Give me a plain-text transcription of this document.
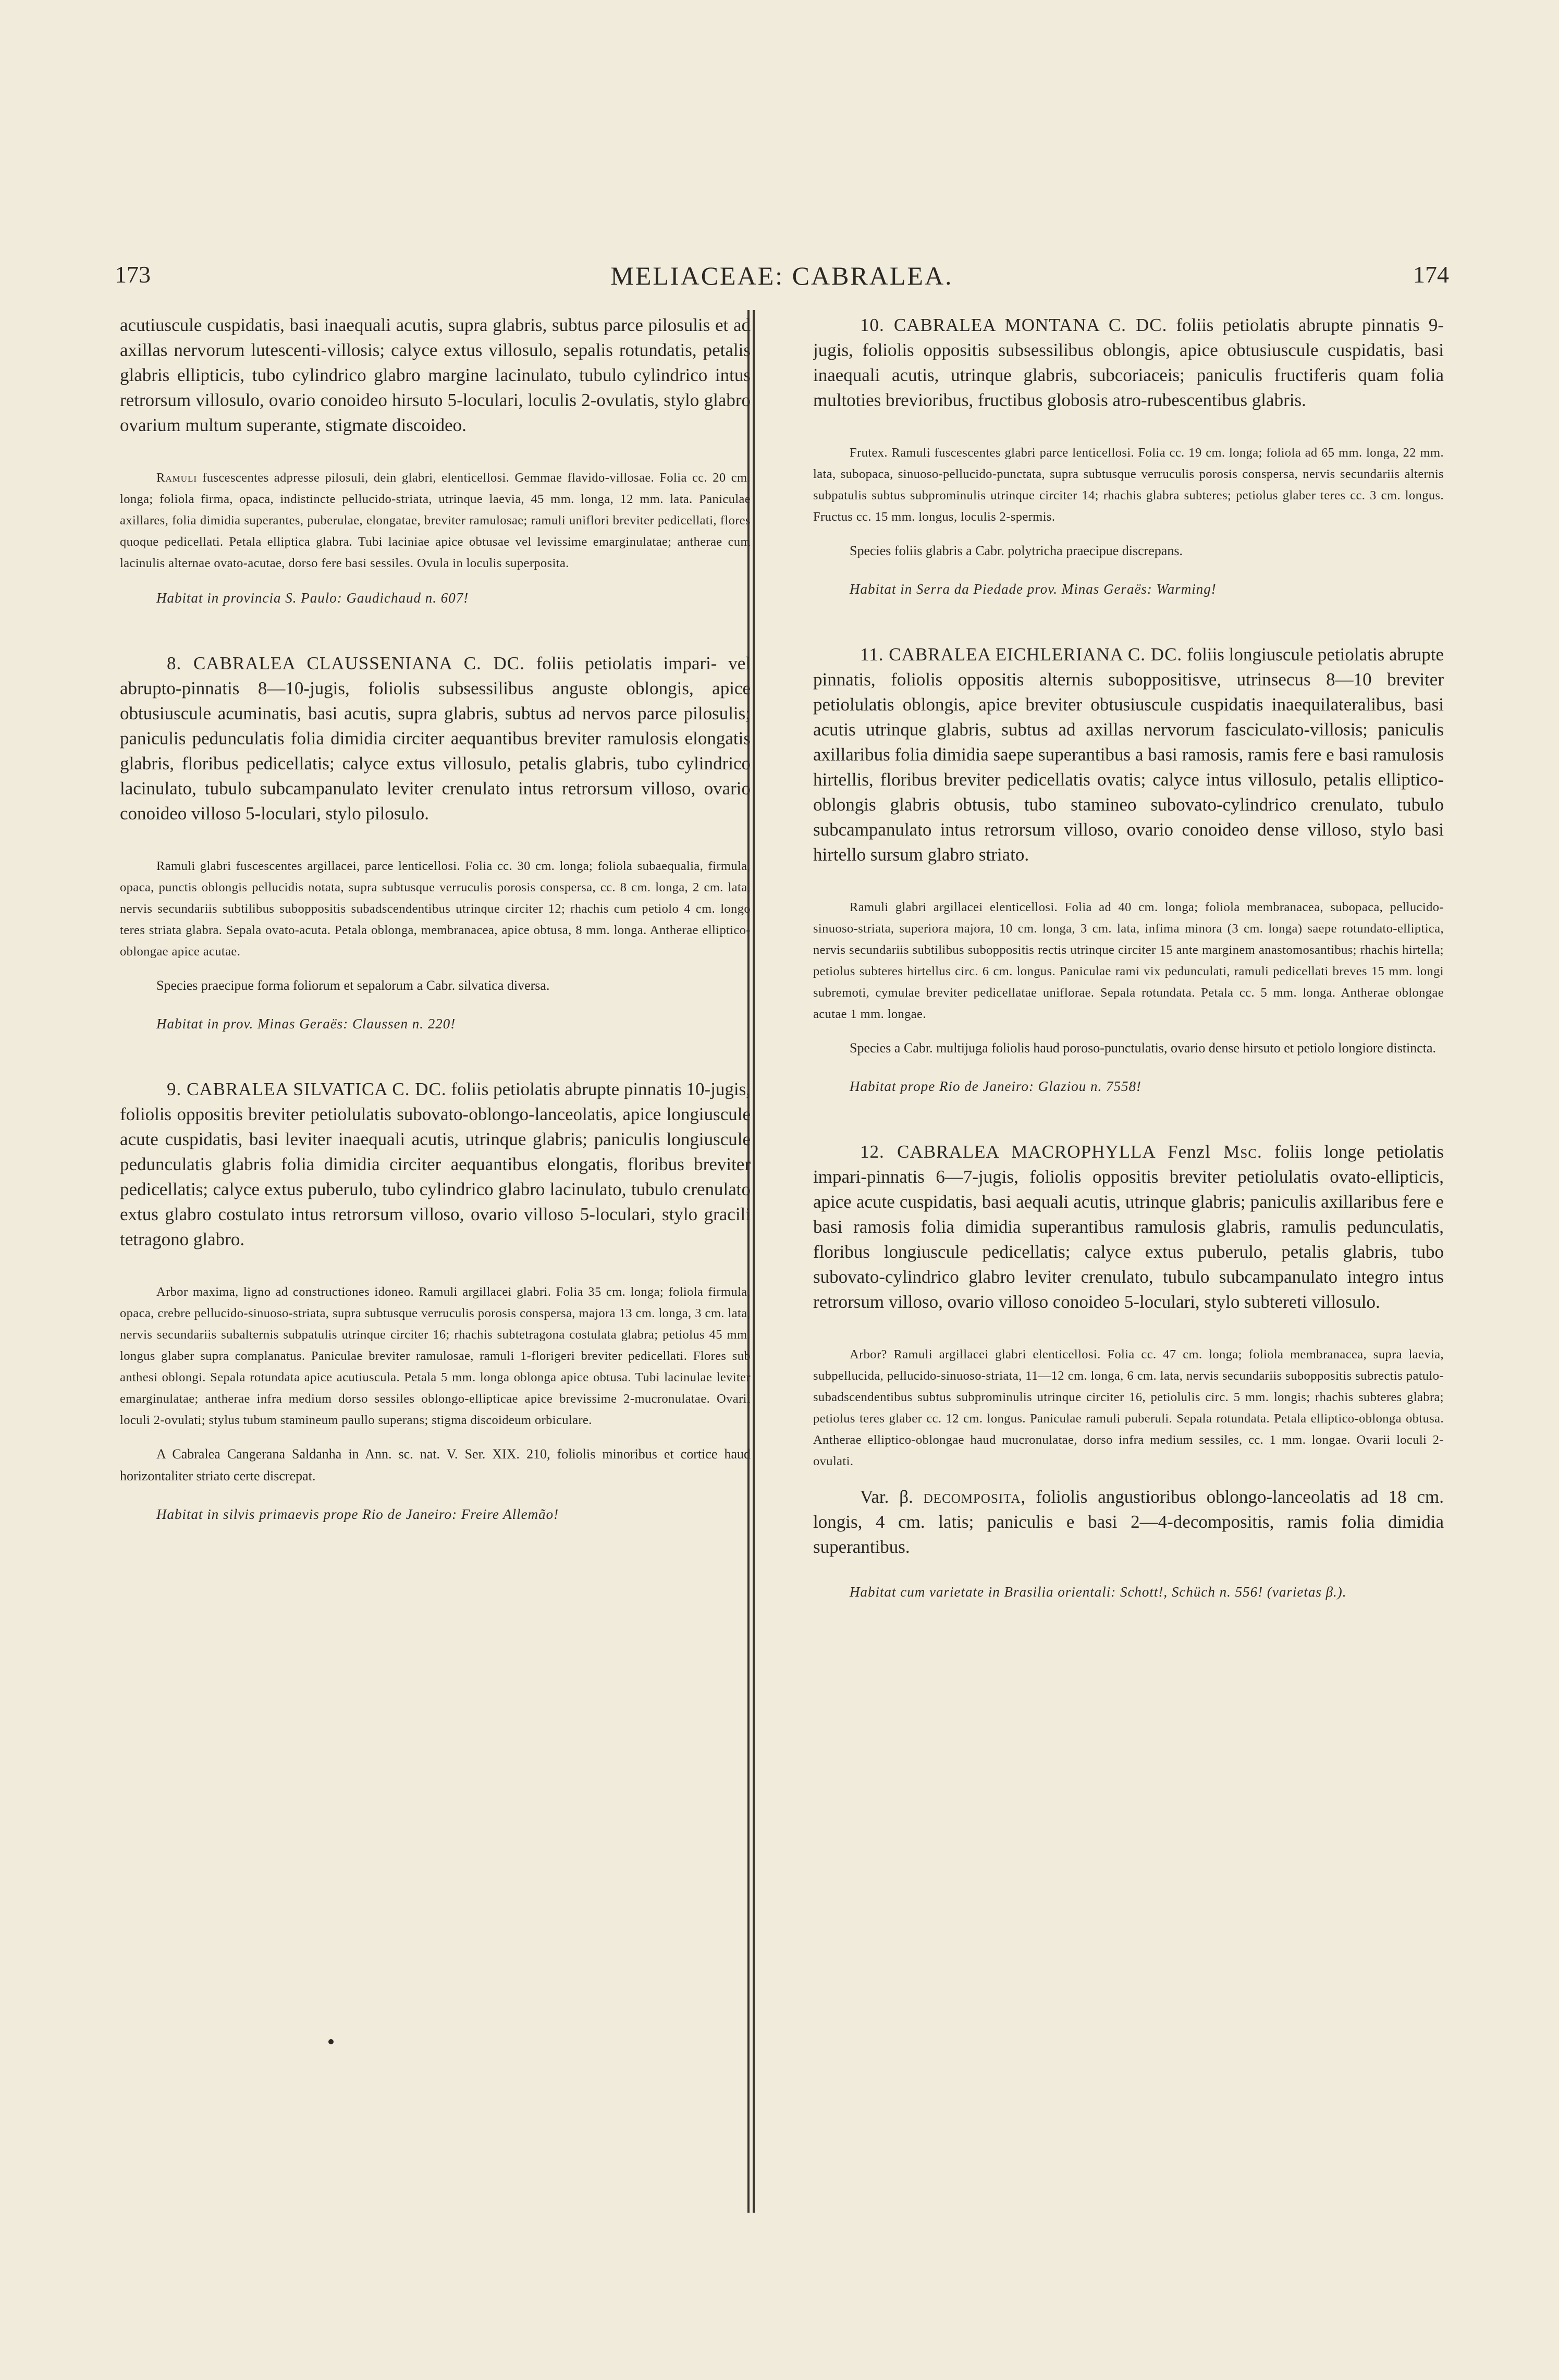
173	MELIACEAE: CABRALEA.	174

acutiuscule cuspidatis, basi inaequali acutis, supra glabris, subtus parce pilosulis et ad axillas nervorum lutescenti-villosis; calyce extus villosulo, sepalis rotundatis, petalis glabris ellipticis, tubo cylindrico glabro margine lacinulato, tubulo cylindrico intus retrorsum villosulo, ovario conoideo hirsuto 5-loculari, loculis 2-ovulatis, stylo glabro ovarium multum superante, stigmate discoideo.

Ramuli fuscescentes adpresse pilosuli, dein glabri, elenticellosi. Gemmae flavido-villosae. Folia cc. 20 cm. longa; foliola firma, opaca, indistincte pellucido-striata, utrinque laevia, 45 mm. longa, 12 mm. lata. Paniculae axillares, folia dimidia superantes, puberulae, elongatae, breviter ramulosae; ramuli uniflori breviter pedicellati, flores quoque pedicellati. Petala elliptica glabra. Tubi laciniae apice obtusae vel levissime emarginulatae; antherae cum lacinulis alternae ovato-acutae, dorso fere basi sessiles. Ovula in loculis superposita.

Habitat in provincia S. Paulo: Gaudichaud n. 607!

8. CABRALEA CLAUSSENIANA C. DC. foliis petiolatis impari- vel abrupto-pinnatis 8—10-jugis, foliolis subsessilibus anguste oblongis, apice obtusiuscule acuminatis, basi acutis, supra glabris, subtus ad nervos parce pilosulis; paniculis pedunculatis folia dimidia circiter aequantibus breviter ramulosis elongatis glabris, floribus pedicellatis; calyce extus villosulo, petalis glabris, tubo cylindrico lacinulato, tubulo subcampanulato leviter crenulato intus retrorsum villoso, ovario conoideo villoso 5-loculari, stylo pilosulo.

Ramuli glabri fuscescentes argillacei, parce lenticellosi. Folia cc. 30 cm. longa; foliola subaequalia, firmula, opaca, punctis oblongis pellucidis notata, supra subtusque verruculis porosis conspersa, cc. 8 cm. longa, 2 cm. lata, nervis secundariis subtilibus suboppositis subadscendentibus utrinque circiter 12; rhachis cum petiolo 4 cm. longo teres striata glabra. Sepala ovato-acuta. Petala oblonga, membranacea, apice obtusa, 8 mm. longa. Antherae elliptico-oblongae apice acutae.

Species praecipue forma foliorum et sepalorum a Cabr. silvatica diversa.

Habitat in prov. Minas Geraës: Claussen n. 220!

9. CABRALEA SILVATICA C. DC. foliis petiolatis abrupte pinnatis 10-jugis, foliolis oppositis breviter petiolulatis subovato-oblongo-lanceolatis, apice longiuscule acute cuspidatis, basi leviter inaequali acutis, utrinque glabris; paniculis longiuscule pedunculatis glabris folia dimidia circiter aequantibus elongatis, floribus breviter pedicellatis; calyce extus puberulo, tubo cylindrico glabro lacinulato, tubulo crenulato extus glabro costulato intus retrorsum villoso, ovario villoso 5-loculari, stylo gracili tetragono glabro.

Arbor maxima, ligno ad constructiones idoneo. Ramuli argillacei glabri. Folia 35 cm. longa; foliola firmula, opaca, crebre pellucido-sinuoso-striata, supra subtusque verruculis porosis conspersa, majora 13 cm. longa, 3 cm. lata, nervis secundariis subalternis subpatulis utrinque circiter 16; rhachis subtetragona costulata glabra; petiolus 45 mm. longus glaber supra complanatus. Paniculae breviter ramulosae, ramuli 1-florigeri breviter pedicellati. Flores sub anthesi oblongi. Sepala rotundata apice acutiuscula. Petala 5 mm. longa oblonga apice obtusa. Tubi lacinulae leviter emarginulatae; antherae infra medium dorso sessiles oblongo-ellipticae apice brevissime 2-mucronulatae. Ovarii loculi 2-ovulati; stylus tubum stamineum paullo superans; stigma discoideum orbiculare.

A Cabralea Cangerana Saldanha in Ann. sc. nat. V. Ser. XIX. 210, foliolis minoribus et cortice haud horizontaliter striato certe discrepat.

Habitat in silvis primaevis prope Rio de Janeiro: Freire Allemão!

10. CABRALEA MONTANA C. DC. foliis petiolatis abrupte pinnatis 9-jugis, foliolis oppositis subsessilibus oblongis, apice obtusiuscule cuspidatis, basi inaequali acutis, utrinque glabris, subcoriaceis; paniculis fructiferis quam folia multoties brevioribus, fructibus globosis atro-rubescentibus glabris.

Frutex. Ramuli fuscescentes glabri parce lenticellosi. Folia cc. 19 cm. longa; foliola ad 65 mm. longa, 22 mm. lata, subopaca, sinuoso-pellucido-punctata, supra subtusque verruculis porosis conspersa, nervis secundariis alternis subpatulis subtus subprominulis utrinque circiter 14; rhachis glabra subteres; petiolus glaber teres cc. 3 cm. longus. Fructus cc. 15 mm. longus, loculis 2-spermis.

Species foliis glabris a Cabr. polytricha praecipue discrepans.

Habitat in Serra da Piedade prov. Minas Geraës: Warming!

11. CABRALEA EICHLERIANA C. DC. foliis longiuscule petiolatis abrupte pinnatis, foliolis oppositis alternis suboppositisve, utrinsecus 8—10 breviter petiolulatis oblongis, apice breviter obtusiuscule cuspidatis inaequilateralibus, basi acutis utrinque glabris, subtus ad axillas nervorum fasciculato-villosis; paniculis axillaribus folia dimidia saepe superantibus a basi ramosis, ramis fere e basi ramulosis hirtellis, floribus breviter pedicellatis ovatis; calyce intus villosulo, petalis elliptico-oblongis glabris obtusis, tubo stamineo subovato-cylindrico crenulato, tubulo subcampanulato intus retrorsum villoso, ovario conoideo dense villoso, stylo basi hirtello sursum glabro striato.

Ramuli glabri argillacei elenticellosi. Folia ad 40 cm. longa; foliola membranacea, subopaca, pellucido-sinuoso-striata, superiora majora, 10 cm. longa, 3 cm. lata, infima minora (3 cm. longa) saepe rotundato-elliptica, nervis secundariis subtilibus suboppositis rectis utrinque circiter 15 ante marginem anastomosantibus; rhachis hirtella; petiolus subteres hirtellus circ. 6 cm. longus. Paniculae rami vix pedunculati, ramuli pedicellati breves 15 mm. longi subremoti, cymulae breviter pedicellatae uniflorae. Sepala rotundata. Petala cc. 5 mm. longa. Antherae oblongae acutae 1 mm. longae.

Species a Cabr. multijuga foliolis haud poroso-punctulatis, ovario dense hirsuto et petiolo longiore distincta.

Habitat prope Rio de Janeiro: Glaziou n. 7558!

12. CABRALEA MACROPHYLLA Fenzl Msc. foliis longe petiolatis impari-pinnatis 6—7-jugis, foliolis oppositis breviter petiolulatis ovato-ellipticis, apice acute cuspidatis, basi aequali acutis, utrinque glabris; paniculis axillaribus fere e basi ramosis folia dimidia superantibus ramulosis glabris, ramulis pedunculatis, floribus longiuscule pedicellatis; calyce extus puberulo, petalis glabris, tubo subovato-cylindrico glabro leviter crenulato, tubulo subcampanulato integro intus retrorsum villoso, ovario villoso conoideo 5-loculari, stylo subtereti villosulo.

Arbor? Ramuli argillacei glabri elenticellosi. Folia cc. 47 cm. longa; foliola membranacea, supra laevia, subpellucida, pellucido-sinuoso-striata, 11—12 cm. longa, 6 cm. lata, nervis secundariis suboppositis subrectis patulo-subadscendentibus subtus subprominulis utrinque circiter 16, petiolulis circ. 5 mm. longis; rhachis subteres glabra; petiolus teres glaber cc. 12 cm. longus. Paniculae ramuli puberuli. Sepala rotundata. Petala elliptico-oblonga obtusa. Antherae elliptico-oblongae haud mucronulatae, dorso infra medium sessiles, cc. 1 mm. longae. Ovarii loculi 2-ovulati.

Var. β. decomposita, foliolis angustioribus oblongo-lanceolatis ad 18 cm. longis, 4 cm. latis; paniculis e basi 2—4-decompositis, ramis folia dimidia superantibus.

Habitat cum varietate in Brasilia orientali: Schott!, Schüch n. 556! (varietas β.).
